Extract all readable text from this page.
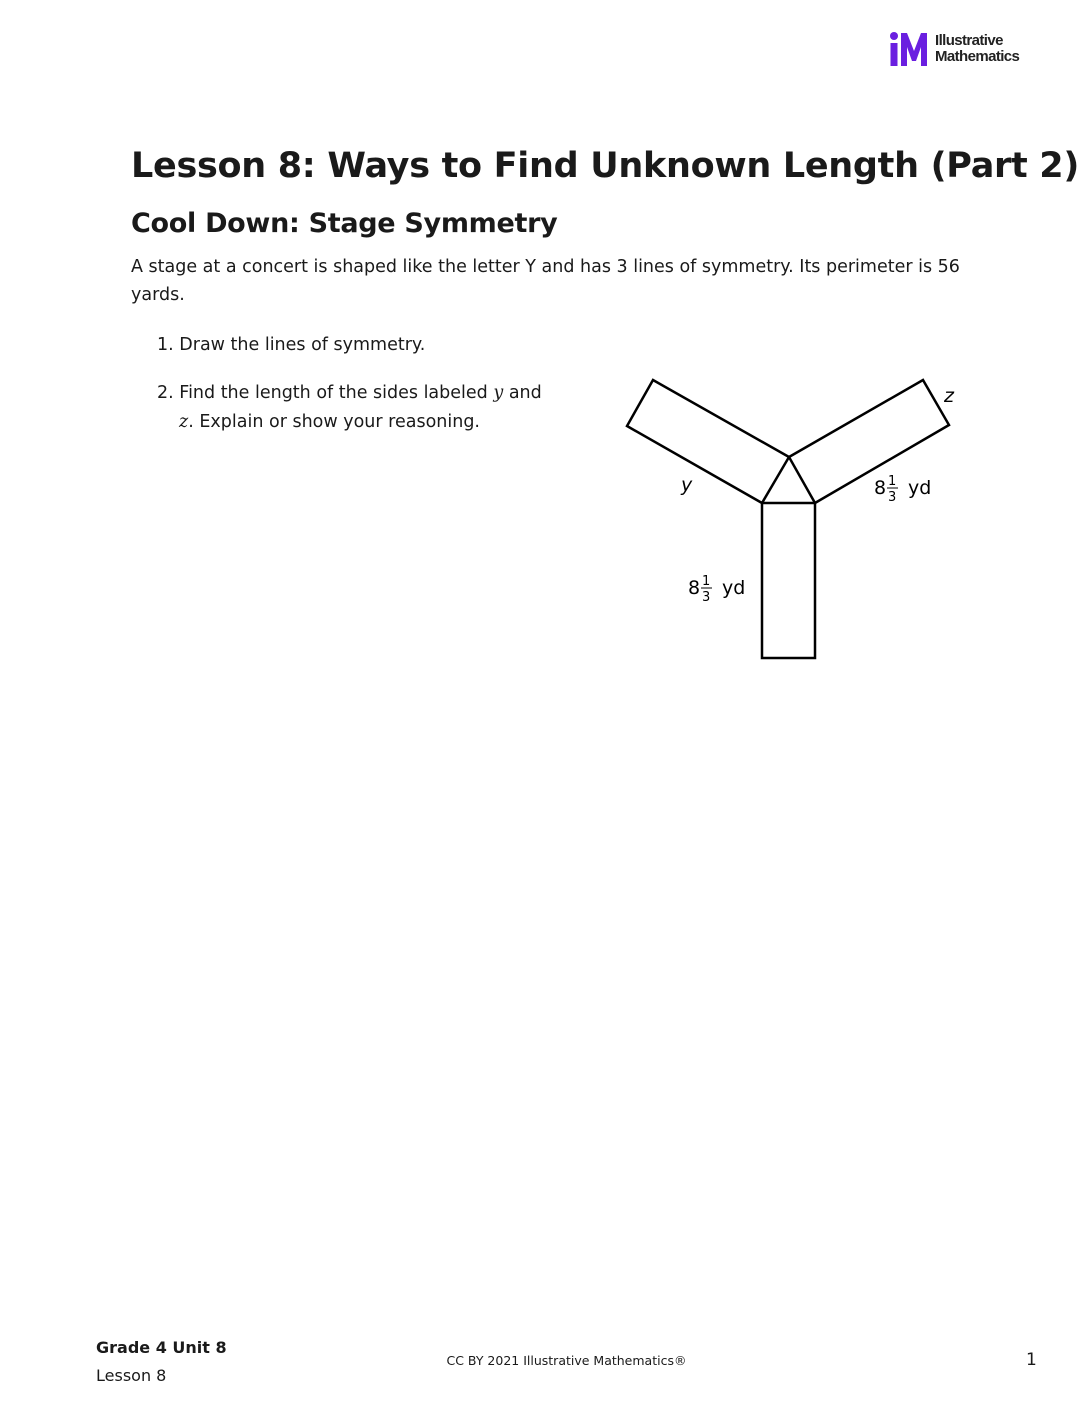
Illustrative
Mathematics
Lesson 8: Ways to Find Unknown Length (Part 2)
Cool Down: Stage Symmetry

A stage at a concert is shaped like the letter Y and has 3 lines of symmetry. Its perimeter is 56 yards.

1. Draw the lines of symmetry.

2. Find the length of the sides labeled y and
z. Explain or show your reasoning.

y
z
8 1
3 yd
8 1
3 yd
Grade 4 Unit 8
Lesson 8
CC BY 2021 Illustrative Mathematics®	1
